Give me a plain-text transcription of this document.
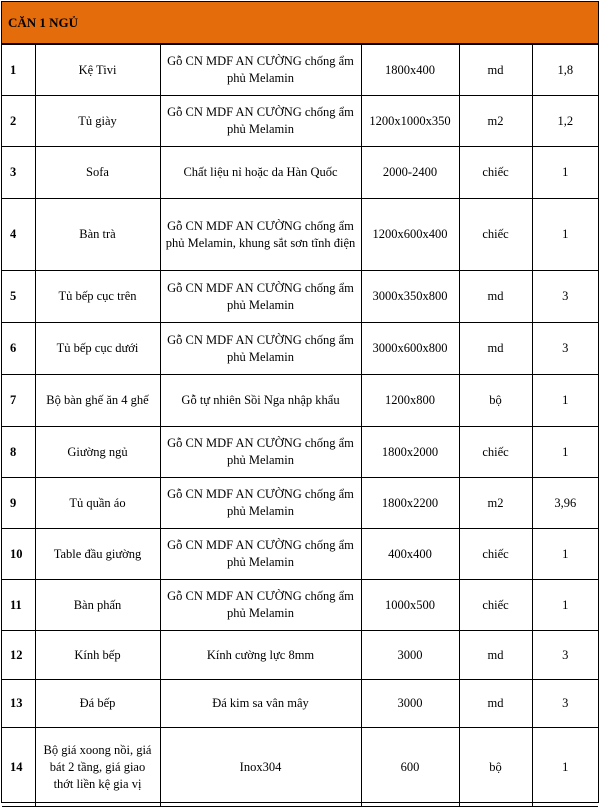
CĂN 1 NGỦ
1	Kệ Tivi	Gỗ CN MDF AN CƯỜNG chống ẩm phủ Melamin	1800x400	md	1,8
2	Tủ giày	Gỗ CN MDF AN CƯỜNG chống ẩm phủ Melamin	1200x1000x350	m2	1,2
3	Sofa	Chất liệu nỉ hoặc da Hàn Quốc	2000-2400	chiếc	1
4	Bàn trà	Gỗ CN MDF AN CƯỜNG chống ẩm phủ Melamin, khung sắt sơn tĩnh điện	1200x600x400	chiếc	1
5	Tủ bếp cục trên	Gỗ CN MDF AN CƯỜNG chống ẩm phủ Melamin	3000x350x800	md	3
6	Tủ bếp cục dưới	Gỗ CN MDF AN CƯỜNG chống ẩm phủ Melamin	3000x600x800	md	3
7	Bộ bàn ghế ăn 4 ghế	Gỗ tự nhiên Sồi Nga nhập khẩu	1200x800	bộ	1
8	Giường ngủ	Gỗ CN MDF AN CƯỜNG chống ẩm phủ Melamin	1800x2000	chiếc	1
9	Tủ quần áo	Gỗ CN MDF AN CƯỜNG chống ẩm phủ Melamin	1800x2200	m2	3,96
10	Table đầu giường	Gỗ CN MDF AN CƯỜNG chống ẩm phủ Melamin	400x400	chiếc	1
11	Bàn phấn	Gỗ CN MDF AN CƯỜNG chống ẩm phủ Melamin	1000x500	chiếc	1
12	Kính bếp	Kính cường lực 8mm	3000	md	3
13	Đá bếp	Đá kim sa vân mây	3000	md	3
14	Bộ giá xoong nồi, giá bát 2 tầng, giá giao thớt liền kệ gia vị	Inox304	600	bộ	1
